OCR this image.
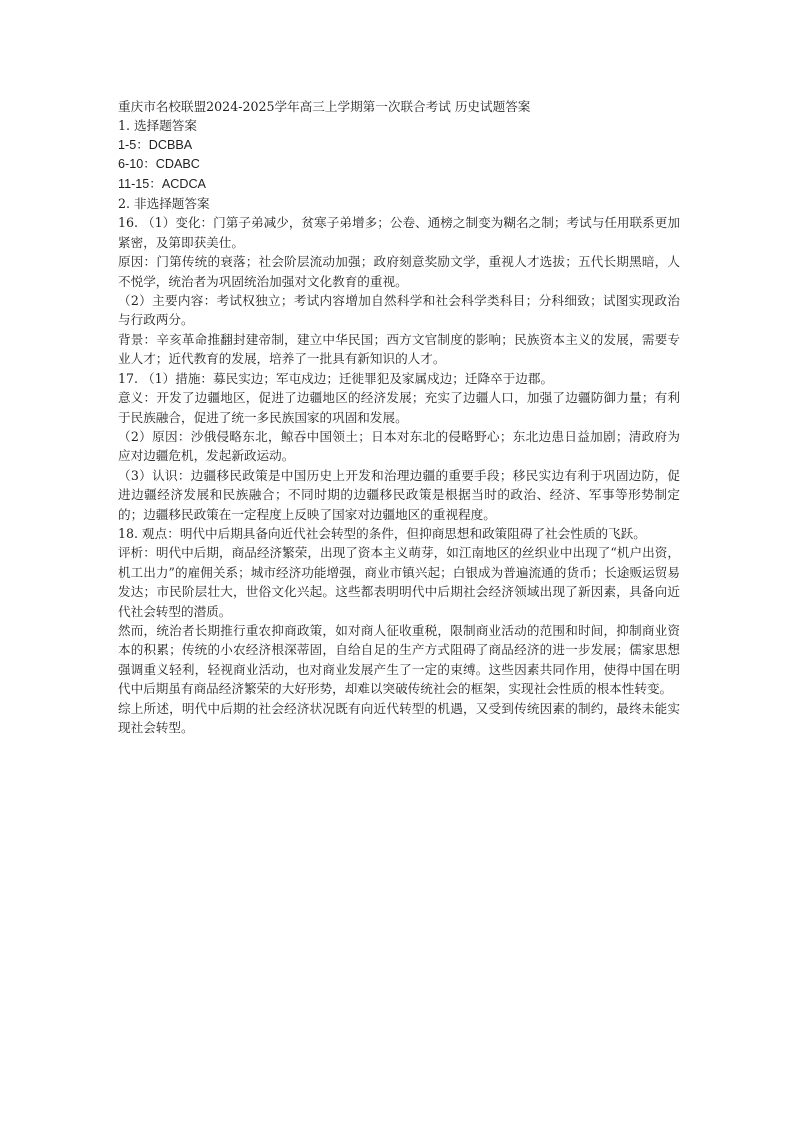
重庆市名校联盟2024-2025学年高三上学期第一次联合考试 历史试题答案

1. 选择题答案

1-5：DCBBA

6-10：CDABC

11-15：ACDCA

2. 非选择题答案

16. （1）变化：门第子弟减少，贫寒子弟增多；公卷、通榜之制变为糊名之制；考试与任用联系更加紧密，及第即获美仕。

原因：门第传统的衰落；社会阶层流动加强；政府刻意奖励文学，重视人才选拔；五代长期黑暗，人不悦学，统治者为巩固统治加强对文化教育的重视。

（2）主要内容：考试权独立；考试内容增加自然科学和社会科学类科目；分科细致；试图实现政治与行政两分。

背景：辛亥革命推翻封建帝制，建立中华民国；西方文官制度的影响；民族资本主义的发展，需要专业人才；近代教育的发展，培养了一批具有新知识的人才。

17. （1）措施：募民实边；军屯戍边；迁徙罪犯及家属戍边；迁降卒于边郡。

意义：开发了边疆地区，促进了边疆地区的经济发展；充实了边疆人口，加强了边疆防御力量；有利于民族融合，促进了统一多民族国家的巩固和发展。

（2）原因：沙俄侵略东北，鲸吞中国领土；日本对东北的侵略野心；东北边患日益加剧；清政府为应对边疆危机，发起新政运动。

（3）认识：边疆移民政策是中国历史上开发和治理边疆的重要手段；移民实边有利于巩固边防，促进边疆经济发展和民族融合；不同时期的边疆移民政策是根据当时的政治、经济、军事等形势制定的；边疆移民政策在一定程度上反映了国家对边疆地区的重视程度。

18. 观点：明代中后期具备向近代社会转型的条件，但抑商思想和政策阻碍了社会性质的飞跃。

评析：明代中后期，商品经济繁荣，出现了资本主义萌芽，如江南地区的丝织业中出现了“机户出资，机工出力”的雇佣关系；城市经济功能增强，商业市镇兴起；白银成为普遍流通的货币；长途贩运贸易发达；市民阶层壮大，世俗文化兴起。这些都表明明代中后期社会经济领域出现了新因素，具备向近代社会转型的潜质。

然而，统治者长期推行重农抑商政策，如对商人征收重税，限制商业活动的范围和时间，抑制商业资本的积累；传统的小农经济根深蒂固，自给自足的生产方式阻碍了商品经济的进一步发展；儒家思想强调重义轻利，轻视商业活动，也对商业发展产生了一定的束缚。这些因素共同作用，使得中国在明代中后期虽有商品经济繁荣的大好形势，却难以突破传统社会的框架，实现社会性质的根本性转变。

综上所述，明代中后期的社会经济状况既有向近代转型的机遇，又受到传统因素的制约，最终未能实现社会转型。
